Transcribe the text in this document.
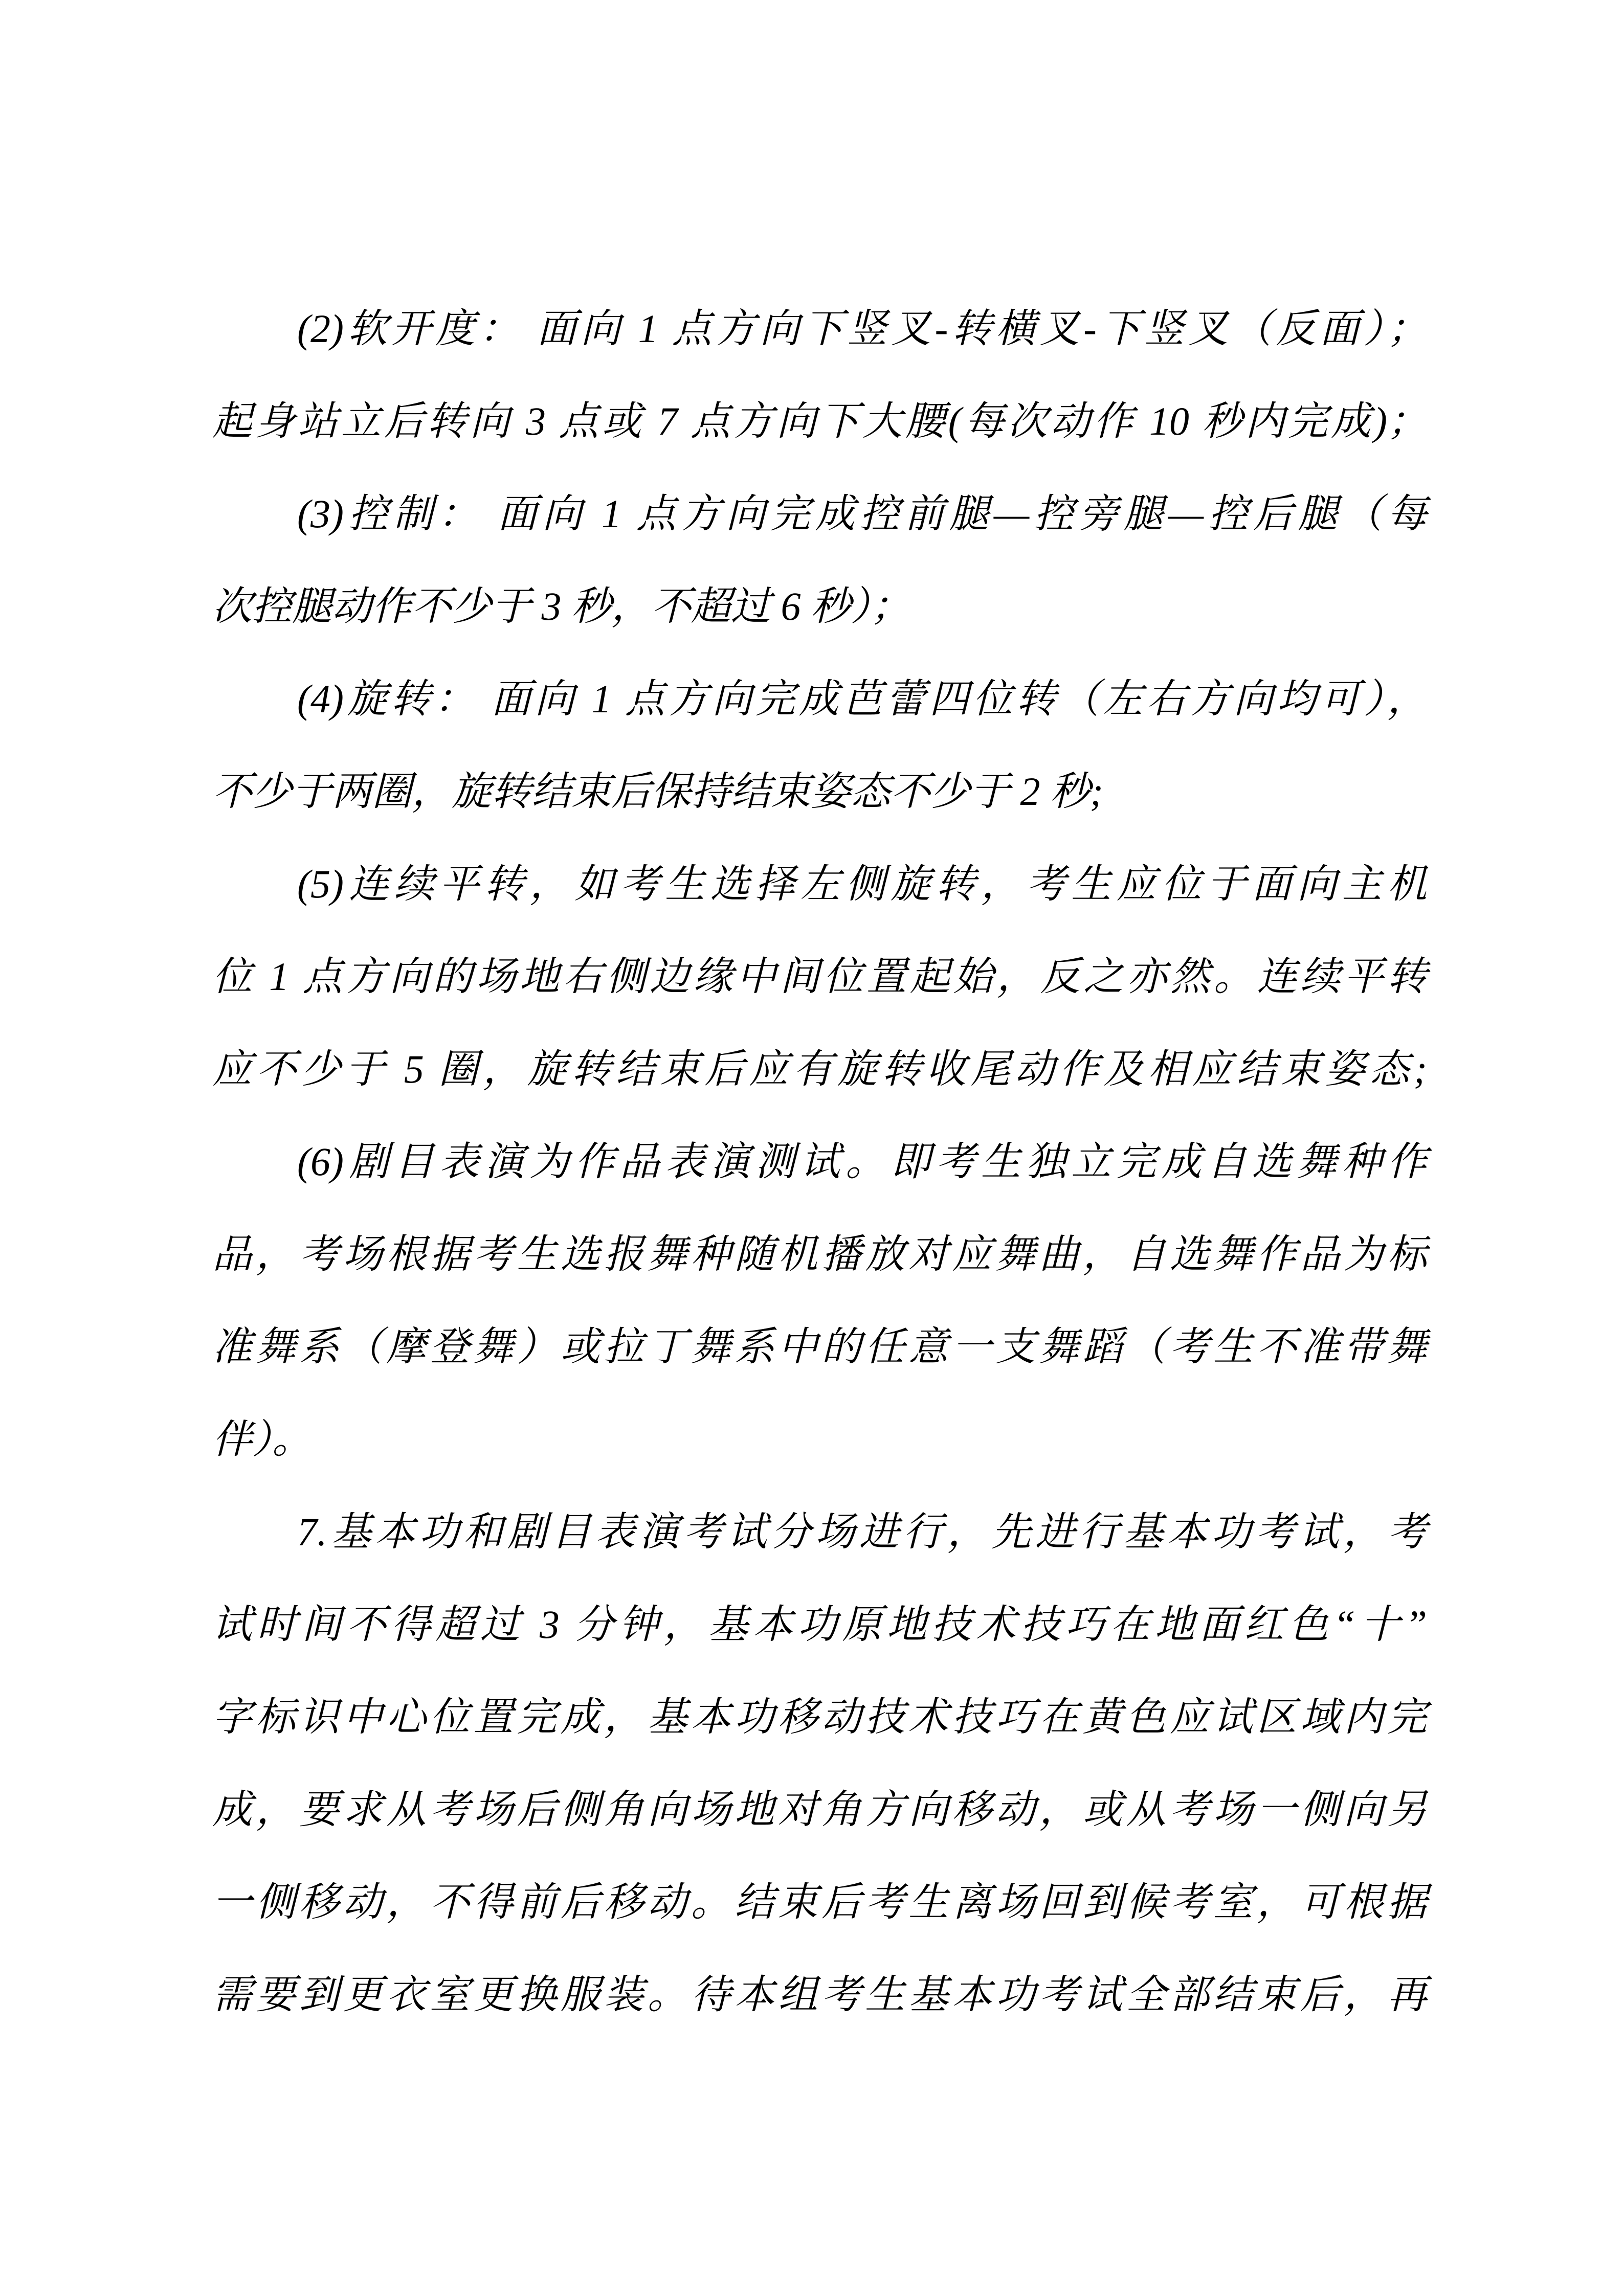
(2)软开度： 面向 1 点方向下竖叉-转横叉-下竖叉（反面）；
起身站立后转向 3 点或 7 点方向下大腰(每次动作 10 秒内完成)；
(3)控制： 面向 1 点方向完成控前腿—控旁腿—控后腿（每
次控腿动作不少于 3 秒，不超过 6 秒）；
(4)旋转： 面向 1 点方向完成芭蕾四位转（左右方向均可），
不少于两圈，旋转结束后保持结束姿态不少于 2 秒;
(5)连续平转，如考生选择左侧旋转，考生应位于面向主机
位 1 点方向的场地右侧边缘中间位置起始，反之亦然。连续平转
应不少于 5 圈，旋转结束后应有旋转收尾动作及相应结束姿态;
(6)剧目表演为作品表演测试。即考生独立完成自选舞种作
品，考场根据考生选报舞种随机播放对应舞曲，自选舞作品为标
准舞系（摩登舞）或拉丁舞系中的任意一支舞蹈（考生不准带舞
伴）。
7.基本功和剧目表演考试分场进行，先进行基本功考试，考
试时间不得超过 3 分钟，基本功原地技术技巧在地面红色“十”
字标识中心位置完成，基本功移动技术技巧在黄色应试区域内完
成，要求从考场后侧角向场地对角方向移动，或从考场一侧向另
一侧移动，不得前后移动。结束后考生离场回到候考室，可根据
需要到更衣室更换服装。待本组考生基本功考试全部结束后，再
